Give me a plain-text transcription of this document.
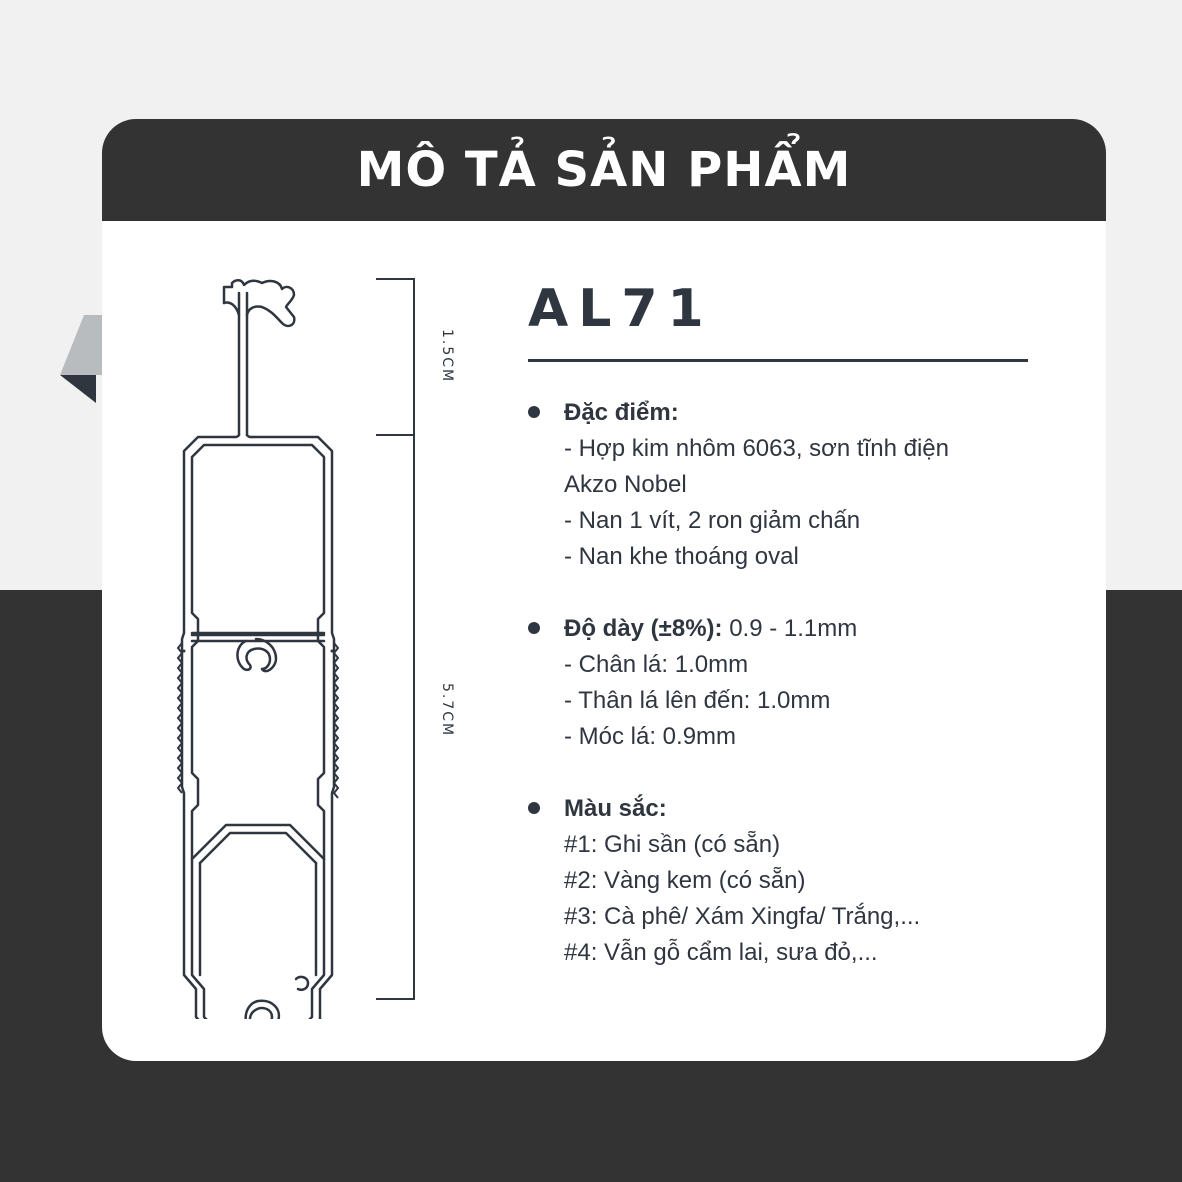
MÔ TẢ SẢN PHẨM
1.5CM
5.7CM
AL71
Đặc điểm:
- Hợp kim nhôm 6063, sơn tĩnh điện
Akzo Nobel
- Nan 1 vít, 2 ron giảm chấn
- Nan khe thoáng oval
Độ dày (±8%): 0.9 - 1.1mm
- Chân lá: 1.0mm
- Thân lá lên đến: 1.0mm
- Móc lá: 0.9mm
Màu sắc:
#1: Ghi sần (có sẵn)
#2: Vàng kem (có sẵn)
#3: Cà phê/ Xám Xingfa/ Trắng,...
#4: Vẫn gỗ cẩm lai, sưa đỏ,...
